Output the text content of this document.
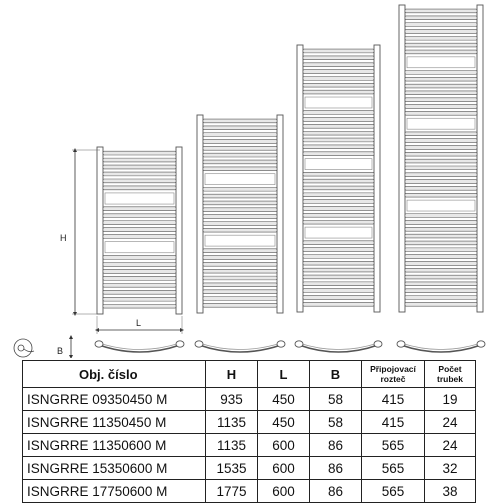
H
L
B
Obj. číslo	H	L	B	Připojovací rozteč	Počet trubek
ISNGRRE 09350450 M	935	450	58	415	19
ISNGRRE 11350450 M	1135	450	58	415	24
ISNGRRE 11350600 M	1135	600	86	565	24
ISNGRRE 15350600 M	1535	600	86	565	32
ISNGRRE 17750600 M	1775	600	86	565	38
